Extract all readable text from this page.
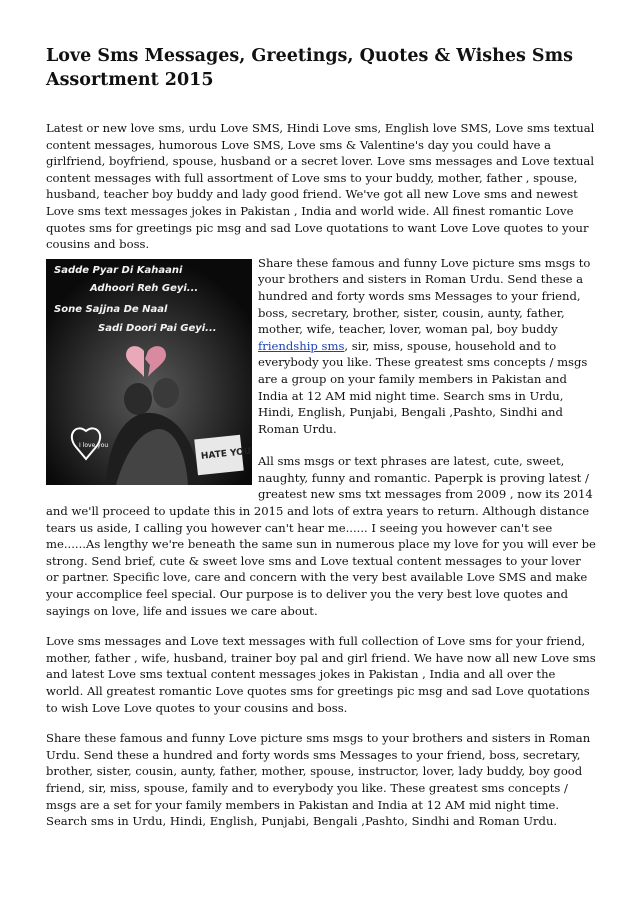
Love Sms Messages, Greetings, Quotes & Wishes Sms Assortment 2015

Latest or new love sms, urdu Love SMS, Hindi Love sms, English love SMS, Love sms textual content messages, humorous Love SMS, Love sms & Valentine's day you could have a girlfriend, boyfriend, spouse, husband or a secret lover. Love sms messages and Love textual content messages with full assortment of Love sms to your buddy, mother, father , spouse, husband, teacher boy buddy and lady good friend. We've got all new Love sms and newest Love sms text messages jokes in Pakistan , India and world wide. All finest romantic Love quotes sms for greetings pic msg and sad Love quotations to want Love Love quotes to your cousins and boss.

I love you
HATE YOU
Sadde Pyar Di Kahaani
Adhoori Reh Geyi...
Sone Sajjna De Naal
Sadi Doori Pai Geyi...

Share these famous and funny Love picture sms msgs to your brothers and sisters in Roman Urdu. Send these a hundred and forty words sms Messages to your friend, boss, secretary, brother, sister, cousin, aunty, father, mother, wife, teacher, lover, woman pal, boy buddy friendship sms, sir, miss, spouse, household and to everybody you like. These greatest sms concepts / msgs are a group on your family members in Pakistan and India at 12 AM mid night time. Search sms in Urdu, Hindi, English, Punjabi, Bengali ,Pashto, Sindhi and Roman Urdu.

All sms msgs or text phrases are latest, cute, sweet, naughty, funny and romantic. Paperpk is proving latest / greatest new sms txt messages from 2009 , now its 2014 and we'll proceed to update this in 2015 and lots of extra years to return. Although distance tears us aside, I calling you however can't hear me...... I seeing you however can't see me......As lengthy we're beneath the same sun in numerous place my love for you will ever be strong. Send brief, cute & sweet love sms and Love textual content messages to your lover or partner. Specific love, care and concern with the very best available Love SMS and make your accomplice feel special. Our purpose is to deliver you the very best love quotes and sayings on love, life and issues we care about.

Love sms messages and Love text messages with full collection of Love sms for your friend, mother, father , wife, husband, trainer boy pal and girl friend. We have now all new Love sms and latest Love sms textual content messages jokes in Pakistan , India and all over the world. All greatest romantic Love quotes sms for greetings pic msg and sad Love quotations to wish Love Love quotes to your cousins and boss.

Share these famous and funny Love picture sms msgs to your brothers and sisters in Roman Urdu. Send these a hundred and forty words sms Messages to your friend, boss, secretary, brother, sister, cousin, aunty, father, mother, spouse, instructor, lover, lady buddy, boy good friend, sir, miss, spouse, family and to everybody you like. These greatest sms concepts / msgs are a set for your family members in Pakistan and India at 12 AM mid night time. Search sms in Urdu, Hindi, English, Punjabi, Bengali ,Pashto, Sindhi and Roman Urdu.
